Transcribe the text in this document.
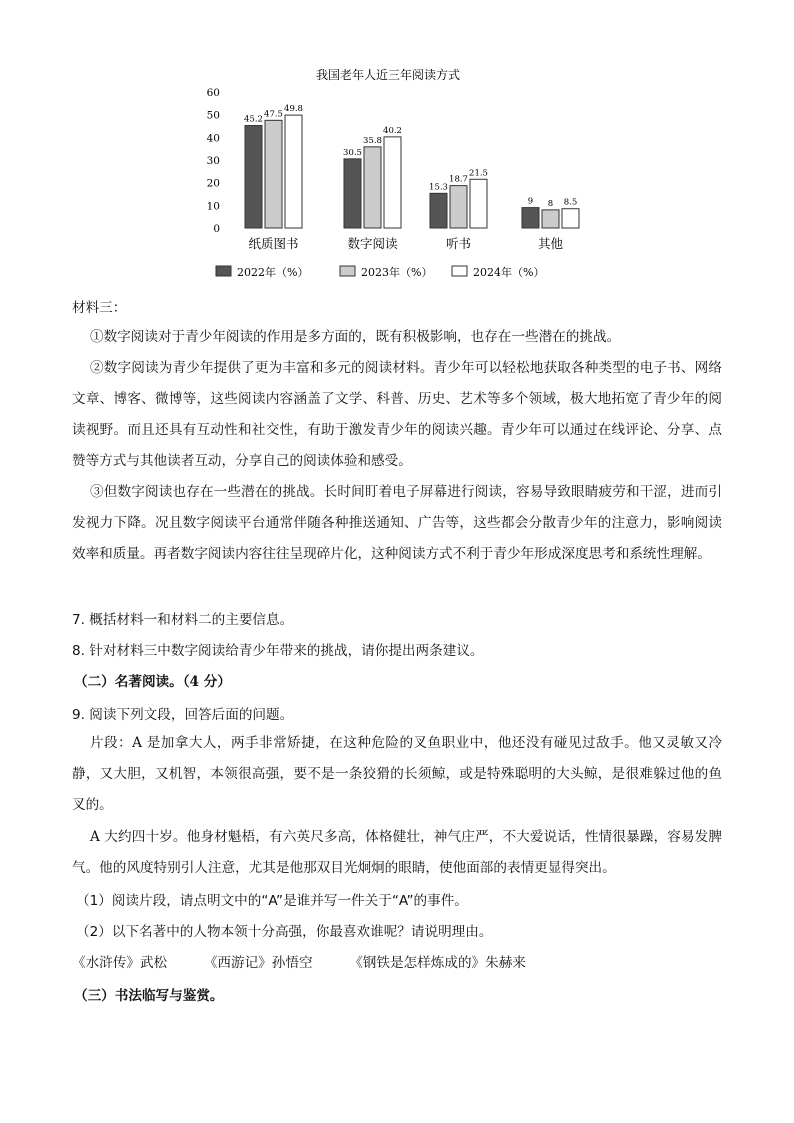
我国老年人近三年阅读方式
0
10
20
30
40
50
60
45.2
47.5
49.8
30.5
35.8
40.2
15.3
18.7
21.5
9 8 8.5
纸质图书	数字阅读	听书	其他
2022年（%）	2023年（%）	2024年（%）
材料三：
①数字阅读对于青少年阅读的作用是多方面的，既有积极影响，也存在一些潜在的挑战。
②数字阅读为青少年提供了更为丰富和多元的阅读材料。青少年可以轻松地获取各种类型的电子书、网络文章、博客、微博等，这些阅读内容涵盖了文学、科普、历史、艺术等多个领域，极大地拓宽了青少年的阅读视野。而且还具有互动性和社交性，有助于激发青少年的阅读兴趣。青少年可以通过在线评论、分享、点赞等方式与其他读者互动，分享自己的阅读体验和感受。
③但数字阅读也存在一些潜在的挑战。长时间盯着电子屏幕进行阅读，容易导致眼睛疲劳和干涩，进而引发视力下降。况且数字阅读平台通常伴随各种推送通知、广告等，这些都会分散青少年的注意力，影响阅读效率和质量。再者数字阅读内容往往呈现碎片化，这种阅读方式不利于青少年形成深度思考和系统性理解。
7. 概括材料一和材料二的主要信息。
8. 针对材料三中数字阅读给青少年带来的挑战，请你提出两条建议。
（二）名著阅读。（4 分）
9. 阅读下列文段，回答后面的问题。
片段：A 是加拿大人，两手非常矫捷，在这种危险的叉鱼职业中，他还没有碰见过敌手。他又灵敏又冷静，又大胆，又机智，本领很高强，要不是一条狡猾的长须鲸，或是特殊聪明的大头鲸，是很难躲过他的鱼叉的。
A 大约四十岁。他身材魁梧，有六英尺多高，体格健壮，神气庄严，不大爱说话，性情很暴躁，容易发脾气。他的风度特别引人注意，尤其是他那双目光炯炯的眼睛，使他面部的表情更显得突出。
（1）阅读片段，请点明文中的“A”是谁并写一件关于“A”的事件。
（2）以下名著中的人物本领十分高强，你最喜欢谁呢？请说明理由。
《水浒传》武松	《西游记》孙悟空	《钢铁是怎样炼成的》朱赫来
（三）书法临写与鉴赏。
